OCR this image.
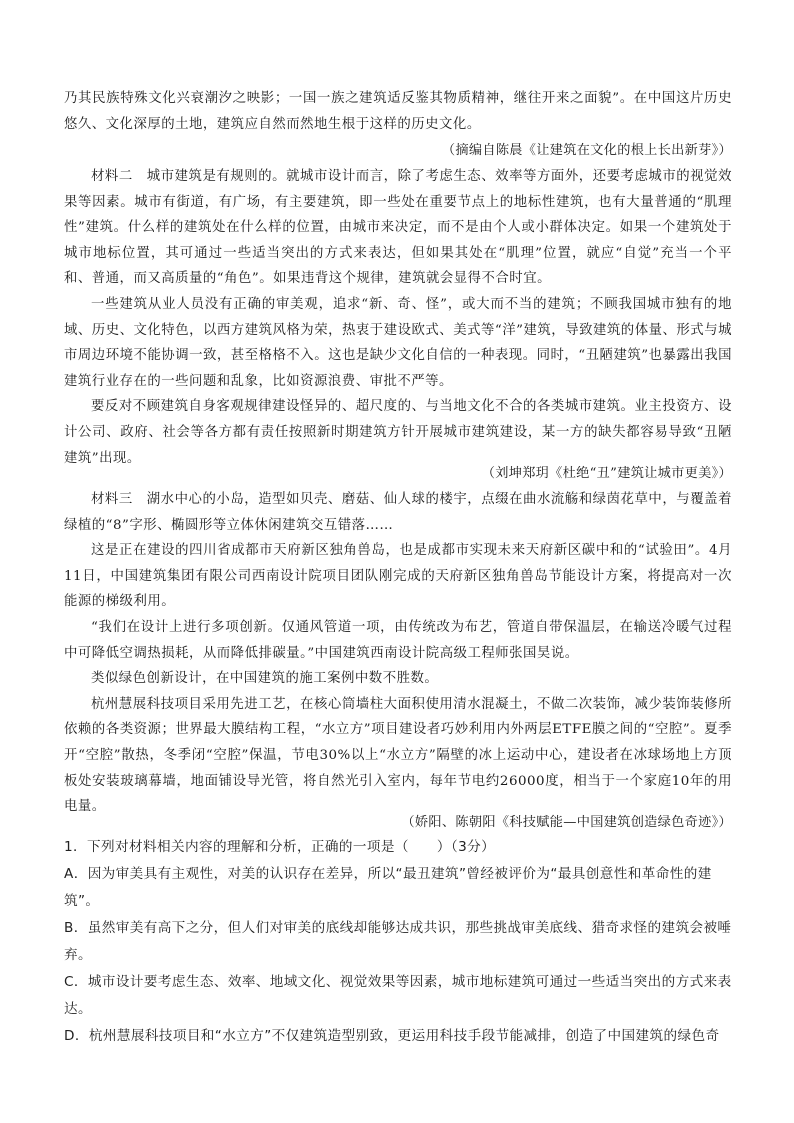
乃其民族特殊文化兴衰潮汐之映影；一国一族之建筑适反鉴其物质精神，继往开来之面貌”。在中国这片历史悠久、文化深厚的土地，建筑应自然而然地生根于这样的历史文化。

（摘编自陈晨《让建筑在文化的根上长出新芽》）

材料二　城市建筑是有规则的。就城市设计而言，除了考虑生态、效率等方面外，还要考虑城市的视觉效果等因素。城市有街道，有广场，有主要建筑，即一些处在重要节点上的地标性建筑，也有大量普通的“肌理性”建筑。什么样的建筑处在什么样的位置，由城市来决定，而不是由个人或小群体决定。如果一个建筑处于城市地标位置，其可通过一些适当突出的方式来表达，但如果其处在“肌理”位置，就应“自觉”充当一个平和、普通，而又高质量的“角色”。如果违背这个规律，建筑就会显得不合时宜。

一些建筑从业人员没有正确的审美观，追求“新、奇、怪”，或大而不当的建筑；不顾我国城市独有的地域、历史、文化特色，以西方建筑风格为荣，热衷于建设欧式、美式等“洋”建筑，导致建筑的体量、形式与城市周边环境不能协调一致，甚至格格不入。这也是缺少文化自信的一种表现。同时，“丑陋建筑”也暴露出我国建筑行业存在的一些问题和乱象，比如资源浪费、审批不严等。

要反对不顾建筑自身客观规律建设怪异的、超尺度的、与当地文化不合的各类城市建筑。业主投资方、设计公司、政府、社会等各方都有责任按照新时期建筑方针开展城市建筑建设，某一方的缺失都容易导致“丑陋建筑”出现。

（刘坤郑玥《杜绝“丑”建筑让城市更美》）

材料三　湖水中心的小岛，造型如贝壳、磨菇、仙人球的楼宇，点缀在曲水流觞和绿茵花草中，与覆盖着绿植的“8”字形、椭圆形等立体休闲建筑交互错落……

这是正在建设的四川省成都市天府新区独角兽岛，也是成都市实现未来天府新区碳中和的“试验田”。4月11日，中国建筑集团有限公司西南设计院项目团队刚完成的天府新区独角兽岛节能设计方案，将提高对一次能源的梯级利用。

“我们在设计上进行多项创新。仅通风管道一项，由传统改为布艺，管道自带保温层，在输送冷暖气过程中可降低空调热损耗，从而降低排碳量。”中国建筑西南设计院高级工程师张国昊说。

类似绿色创新设计，在中国建筑的施工案例中数不胜数。

杭州慧展科技项目采用先进工艺，在核心筒墙柱大面积使用清水混凝土，不做二次装饰，减少装饰装修所依赖的各类资源；世界最大膜结构工程，“水立方”项目建设者巧妙利用内外两层ETFE膜之间的“空腔”。夏季开“空腔”散热，冬季闭“空腔”保温，节电30%以上“水立方”隔壁的冰上运动中心，建设者在冰球场地上方顶板处安装玻璃幕墙，地面铺设导光管，将自然光引入室内，每年节电约26000度，相当于一个家庭10年的用电量。

（娇阳、陈朝阳《科技赋能—中国建筑创造绿色奇迹》）

1．下列对材料相关内容的理解和分析，正确的一项是（　　）（3分）

A．因为审美具有主观性，对美的认识存在差异，所以“最丑建筑”曾经被评价为“最具创意性和革命性的建筑”。

B．虽然审美有高下之分，但人们对审美的底线却能够达成共识，那些挑战审美底线、猎奇求怪的建筑会被唾弃。

C．城市设计要考虑生态、效率、地域文化、视觉效果等因素，城市地标建筑可通过一些适当突出的方式来表达。

D．杭州慧展科技项目和“水立方”不仅建筑造型别致，更运用科技手段节能减排，创造了中国建筑的绿色奇
